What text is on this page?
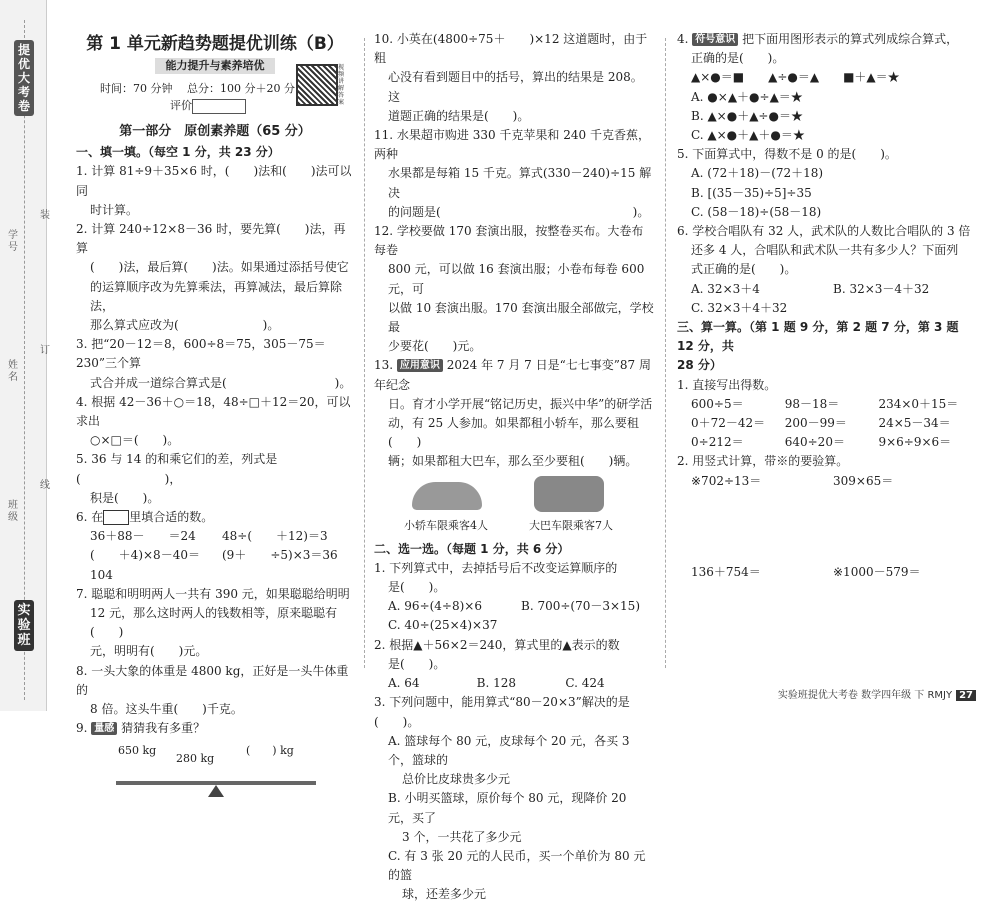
提优大考卷
学号
姓名
班级
装
订
线
实验班
第 1 单元新趋势题提优训练（B）
能力提升与素养培优	视频讲解答案
时间：70 分钟　 总分：100 分＋20 分
评价
第一部分　原创素养题（65 分）
一、填一填。（每空 1 分，共 23 分）
1. 计算 81÷9＋35×6 时，(　　)法和(　　)法可以同
时计算。
2. 计算 240÷12×8－36 时，要先算(　　)法，再算
(　　)法，最后算(　　)法。如果通过添括号使它
的运算顺序改为先算乘法，再算减法，最后算除法，
那么算式应改为(　　　　　　　)。
3. 把“20－12＝8，600÷8＝75，305－75＝230”三个算
式合并成一道综合算式是(　　　　　　　　　)。
4. 根据 42－36＋○＝18，48÷□＋12＝20，可以求出
○×□＝(　　)。
5. 36 与 14 的和乘它们的差，列式是(　　　　　　　)，
积是(　　)。
6. 在 里填合适的数。
36＋88－　　＝24	48÷(　　＋12)＝3
(　　＋4)×8－40＝104
(9＋　　÷5)×3＝36
7. 聪聪和明明两人一共有 390 元，如果聪聪给明明
12 元，那么这时两人的钱数相等，原来聪聪有(　　)
元，明明有(　　)元。
8. 一头大象的体重是 4800 kg，正好是一头牛体重的
8 倍。这头牛重(　　)千克。
9. 量感 猜猜我有多重？
650 kg
280 kg
(　　) kg
10. 小英在(4800÷75＋　　)×12 这道题时，由于粗
心没有看到题目中的括号，算出的结果是 208。这
道题正确的结果是(　　)。
11. 水果超市购进 330 千克苹果和 240 千克香蕉，两种
水果都是每箱 15 千克。算式(330－240)÷15 解决
的问题是(　　　　　　　　　　　　　　　　)。
12. 学校要做 170 套演出服，按整卷买布。大卷布每卷
800 元，可以做 16 套演出服；小卷布每卷 600 元，可
以做 10 套演出服。170 套演出服全部做完，学校最
少要花(　　)元。
13. 应用意识 2024 年 7 月 7 日是“七七事变”87 周年纪念
日。育才小学开展“铭记历史，振兴中华”的研学活
动，有 25 人参加。如果都租小轿车，那么要租(　　)
辆；如果都租大巴车，那么至少要租(　　)辆。
小轿车限乘客4人	大巴车限乘客7人
二、选一选。（每题 1 分，共 6 分）
1. 下列算式中，去掉括号后不改变运算顺序的
是(　　)。
A. 96÷(4÷8)×6	B. 700÷(70－3×15)
C. 40÷(25×4)×37
2. 根据▲＋56×2＝240，算式里的▲表示的数
是(　　)。
A. 64	B. 128	C. 424
3. 下列问题中，能用算式“80－20×3”解决的是(　　)。
A. 篮球每个 80 元，皮球每个 20 元，各买 3 个，篮球的
总价比皮球贵多少元
B. 小明买篮球，原价每个 80 元，现降价 20 元，买了
3 个，一共花了多少元
C. 有 3 张 20 元的人民币，买一个单价为 80 元的篮
球，还差多少元
4. 符号意识 把下面用图形表示的算式列成综合算式，
正确的是(　　)。
▲×●＝■　　▲÷●＝▲　　■＋▲＝★
A. ●×▲＋●÷▲＝★
B. ▲×●＋▲÷●＝★
C. ▲×●＋▲＋●＝★
5. 下面算式中，得数不是 0 的是(　　)。
A. (72＋18)－(72＋18)
B. [(35－35)÷5]÷35
C. (58－18)÷(58－18)
6. 学校合唱队有 32 人，武术队的人数比合唱队的 3 倍
还多 4 人，合唱队和武术队一共有多少人？下面列
式正确的是(　　)。
A. 32×3＋4	B. 32×3－4＋32
C. 32×3＋4＋32
三、算一算。（第 1 题 9 分，第 2 题 7 分，第 3 题 12 分，共
28 分）
1. 直接写出得数。
600÷5＝	98－18＝	234×0＋15＝
0＋72－42＝	200－99＝	24×5－34＝
0÷212＝	640÷20＝	9×6÷9×6＝
2. 用竖式计算，带※的要验算。
※702÷13＝	309×65＝
136＋754＝	※1000－579＝
实验班提优大考卷 数学四年级 下 RMJY 27
